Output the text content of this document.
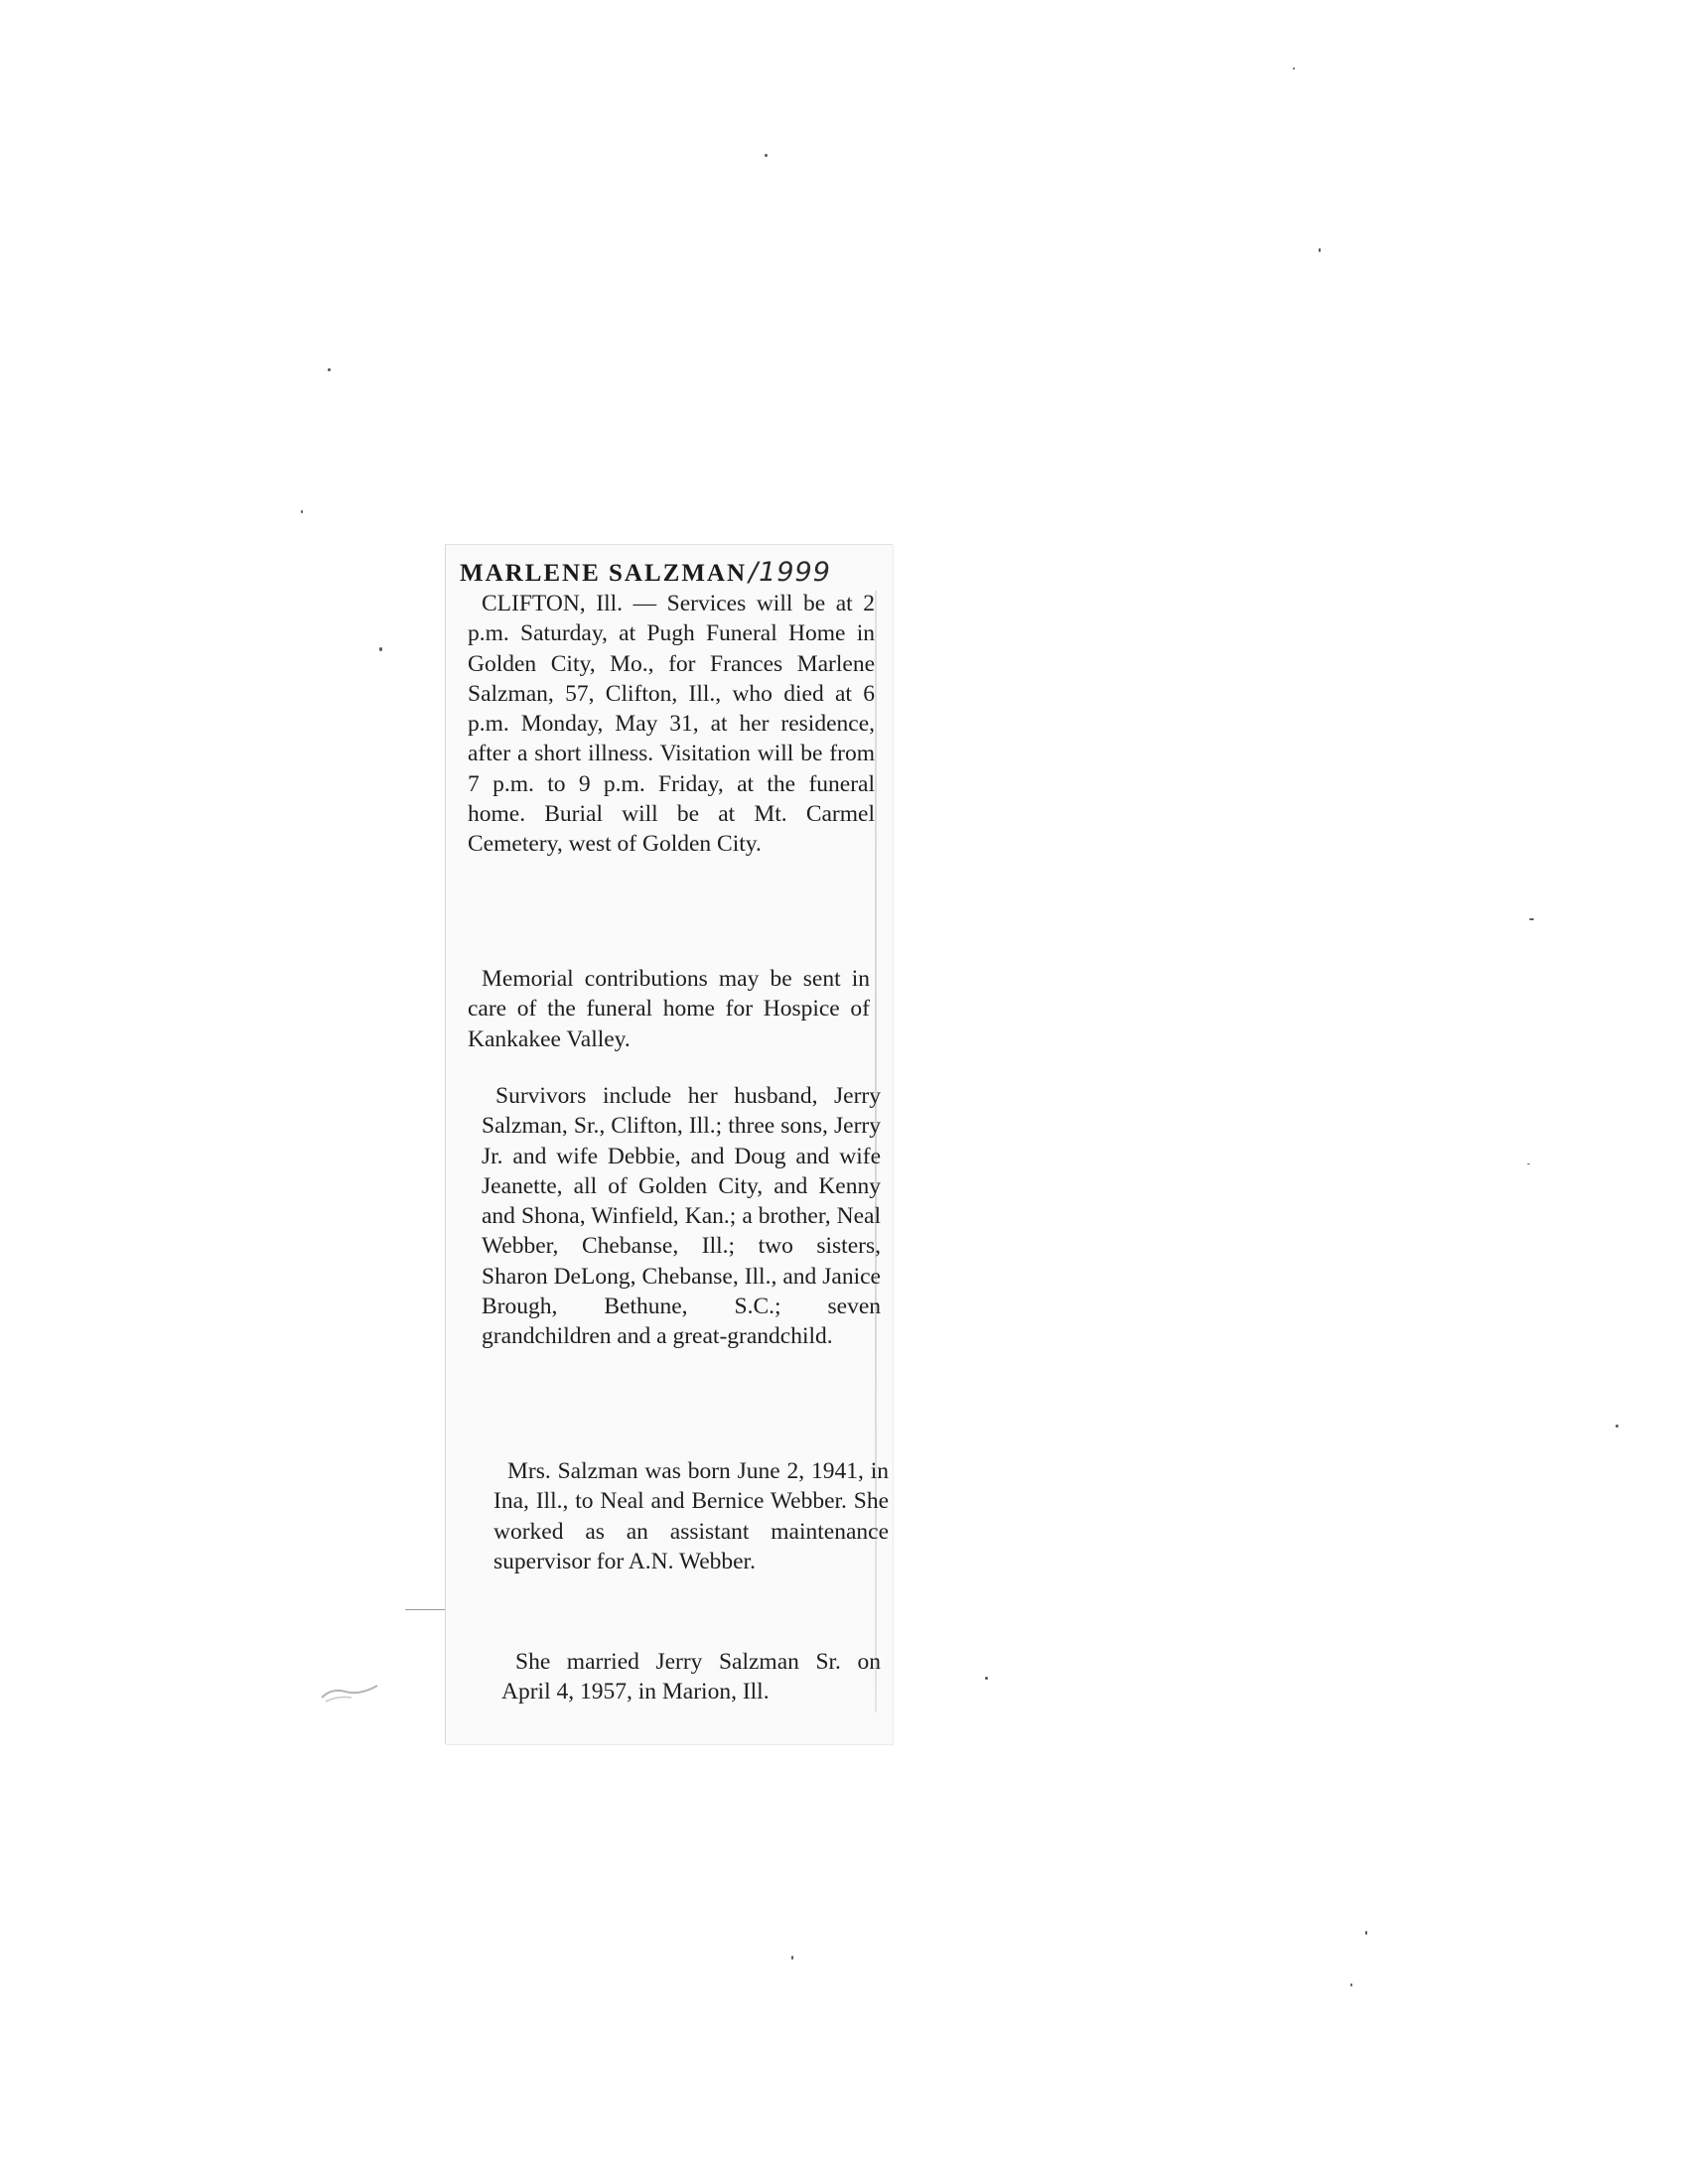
MARLENE SALZMAN/1999

CLIFTON, Ill. — Services will be at 2 p.m. Saturday, at Pugh Funeral Home in Golden City, Mo., for Frances Marlene Salzman, 57, Clifton, Ill., who died at 6 p.m. Monday, May 31, at her residence, after a short illness. Visitation will be from 7 p.m. to 9 p.m. Friday, at the funeral home. Burial will be at Mt. Carmel Cemetery, west of Golden City.

Memorial contributions may be sent in care of the funeral home for Hospice of Kankakee Valley.

Survivors include her husband, Jerry Salzman, Sr., Clifton, Ill.; three sons, Jerry Jr. and wife Debbie, and Doug and wife Jeanette, all of Golden City, and Kenny and Shona, Winfield, Kan.; a brother, Neal Webber, Chebanse, Ill.; two sisters, Sharon DeLong, Chebanse, Ill., and Janice Brough, Bethune, S.C.; seven grandchildren and a great-grandchild.

Mrs. Salzman was born June 2, 1941, in Ina, Ill., to Neal and Bernice Webber. She worked as an assistant maintenance supervisor for A.N. Webber.

She married Jerry Salzman Sr. on April 4, 1957, in Marion, Ill.
